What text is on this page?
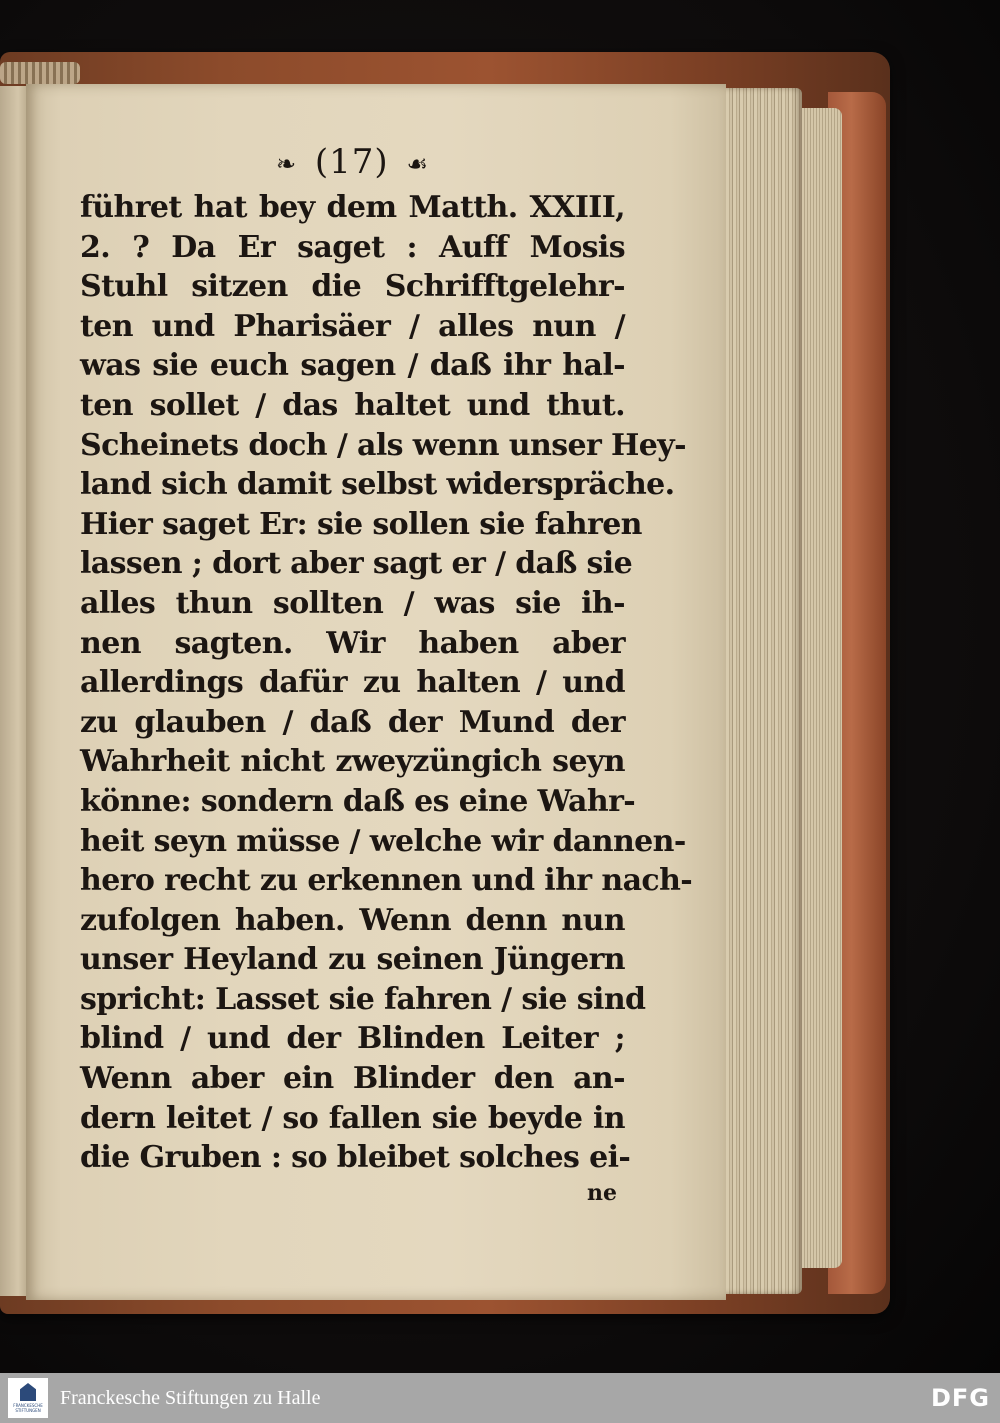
❧ (17) ☙
führet hat bey dem Matth. XXIII,
2. ? Da Er saget : Auff Mosis
Stuhl sitzen die Schrifftgelehr-
ten und Pharisäer / alles nun /
was sie euch sagen / daß ihr hal-
ten sollet / das haltet und thut.
Scheinets doch / als wenn unser Hey-
land sich damit selbst widerspräche.
Hier saget Er: sie sollen sie fahren
lassen ; dort aber sagt er / daß sie
alles thun sollten / was sie ih-
nen sagten. Wir haben aber
allerdings dafür zu halten / und
zu glauben / daß der Mund der
Wahrheit nicht zweyzüngich seyn
könne: sondern daß es eine Wahr-
heit seyn müsse / welche wir dannen-
hero recht zu erkennen und ihr nach-
zufolgen haben. Wenn denn nun
unser Heyland zu seinen Jüngern
spricht: Lasset sie fahren / sie sind
blind / und der Blinden Leiter ;
Wenn aber ein Blinder den an-
dern leitet / so fallen sie beyde in
die Gruben : so bleibet solches ei-
ne
FRANCKESCHE STIFTUNGEN
Franckesche Stiftungen zu Halle	DFG
